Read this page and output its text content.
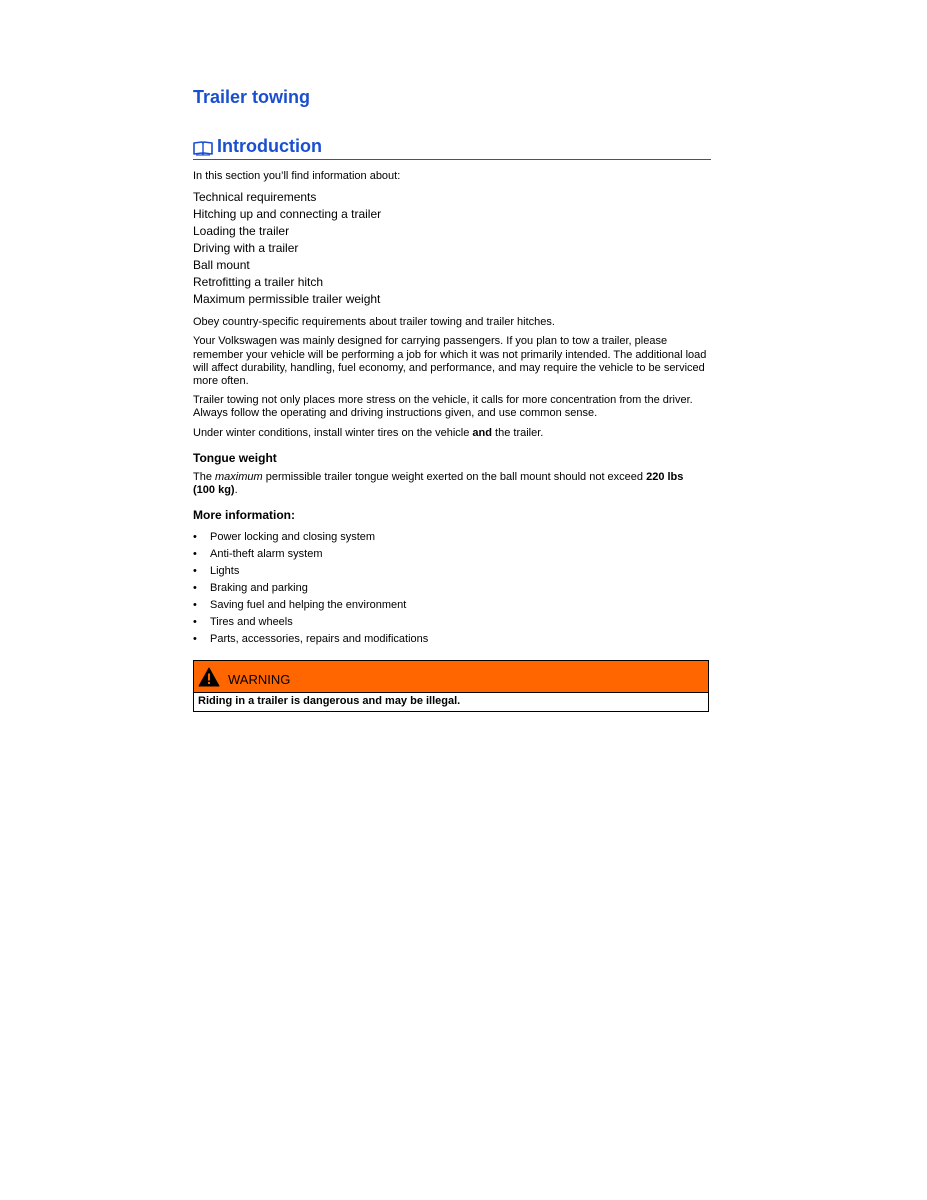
Trailer towing
Introduction

In this section you’ll find information about:

Technical requirements
Hitching up and connecting a trailer
Loading the trailer
Driving with a trailer
Ball mount
Retrofitting a trailer hitch
Maximum permissible trailer weight

Obey country-specific requirements about trailer towing and trailer hitches.

Your Volkswagen was mainly designed for carrying passengers. If you plan to tow a trailer, please remember your vehicle will be performing a job for which it was not primarily intended. The additional load will affect durability, handling, fuel economy, and performance, and may require the vehicle to be serviced more often.

Trailer towing not only places more stress on the vehicle, it calls for more concentration from the driver. Always follow the operating and driving instructions given, and use common sense.

Under winter conditions, install winter tires on the vehicle and the trailer.

Tongue weight

The maximum permissible trailer tongue weight exerted on the ball mount should not exceed 220 lbs (100 kg).

More information:
• Power locking and closing system
• Anti-theft alarm system
• Lights
• Braking and parking
• Saving fuel and helping the environment
• Tires and wheels
• Parts, accessories, repairs and modifications
WARNING
Riding in a trailer is dangerous and may be illegal.
